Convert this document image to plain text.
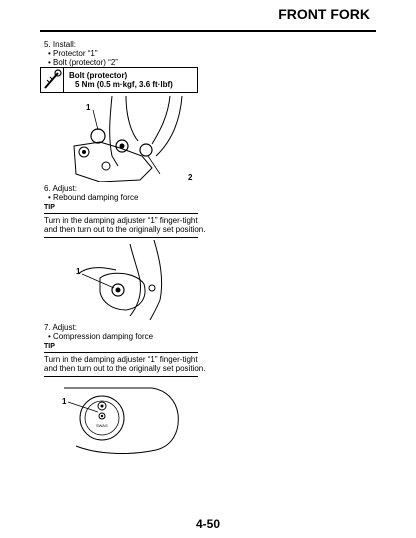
FRONT FORK
5. Install:
• Protector “1”
• Bolt (protector) “2”
Bolt (protector)
5 Nm (0.5 m·kgf, 3.6 ft·lbf)
1
2
6. Adjust:
• Rebound damping force
TIP
Turn in the damping adjuster “1” finger-tight
and then turn out to the originally set position.
1
7. Adjust:
• Compression damping force
TIP
Turn in the damping adjuster “1” finger-tight
and then turn out to the originally set position.
SWAS
1
4-50
